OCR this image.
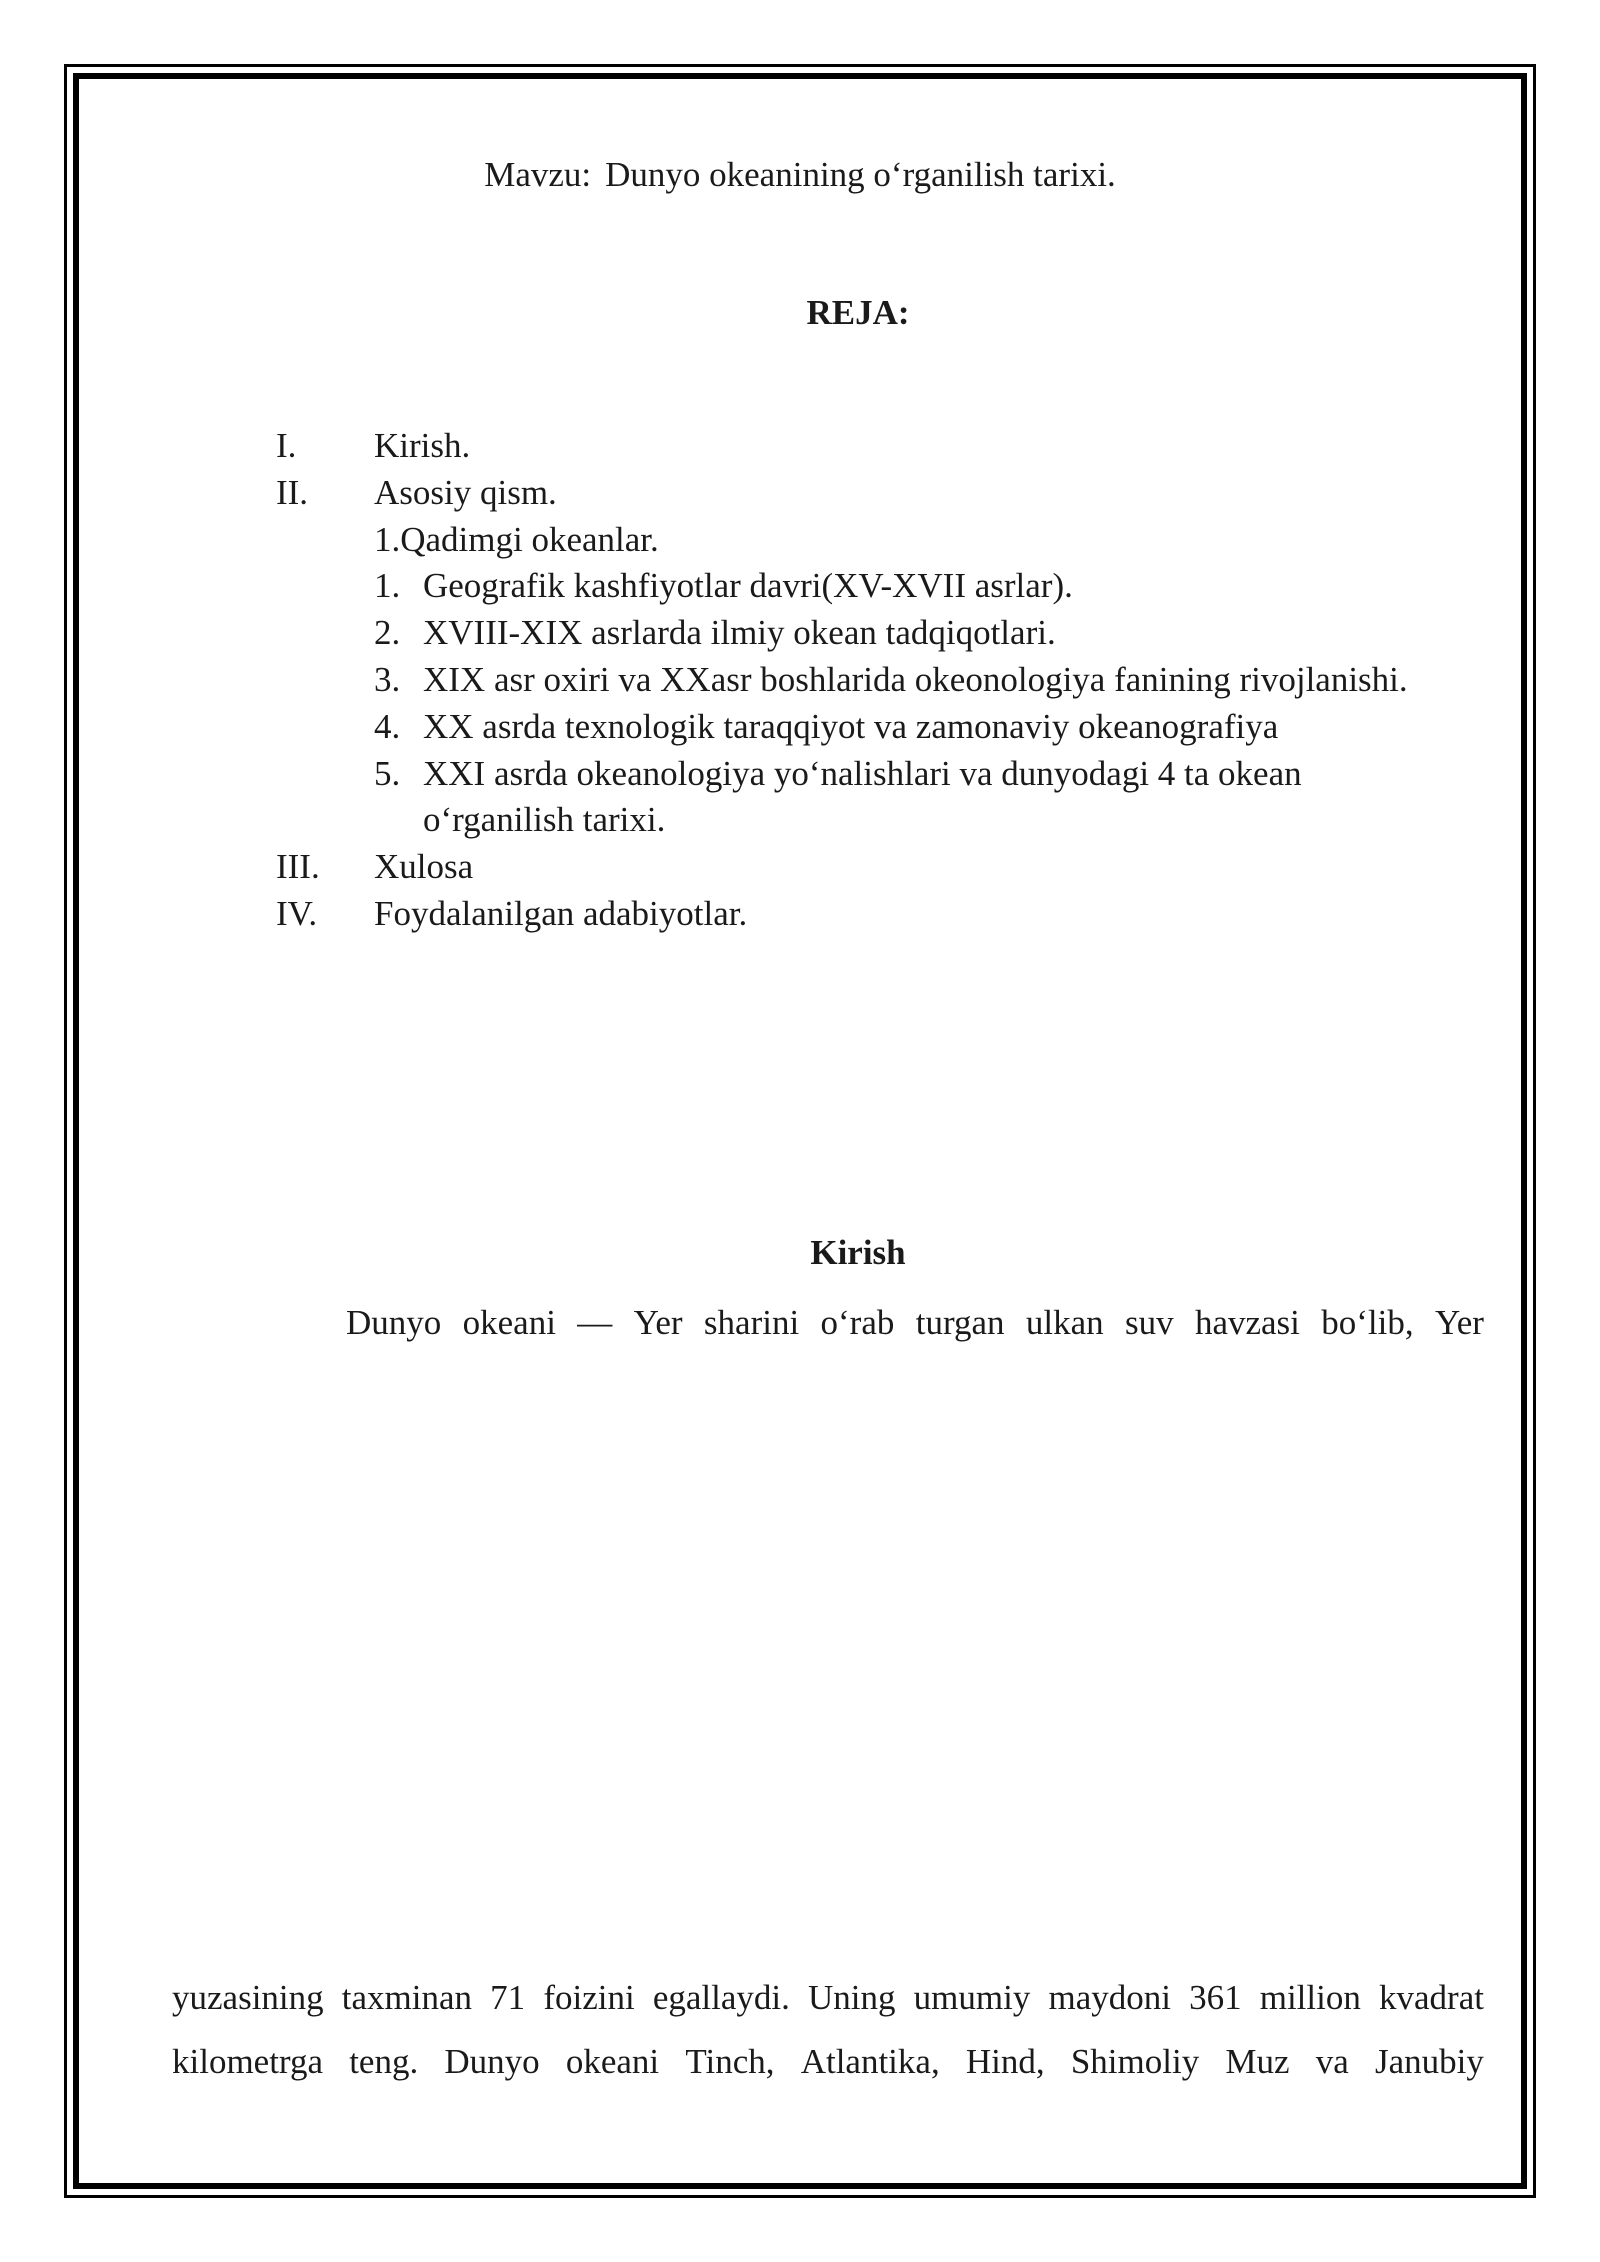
Mavzu: Dunyo okeanining o‘rganilish tarixi.
REJA:
I. Kirish.
II. Asosiy qism.
1.Qadimgi okeanlar.
1. Geografik kashfiyotlar davri(XV-XVII asrlar).
2. XVIII-XIX asrlarda ilmiy okean tadqiqotlari.
3. XIX asr oxiri va XXasr boshlarida okeonologiya fanining rivojlanishi.
4. XX asrda texnologik taraqqiyot va zamonaviy okeanografiya
5. XXI asrda okeanologiya yo‘nalishlari va dunyodagi 4 ta okean
o‘rganilish tarixi.
III. Xulosa
IV. Foydalanilgan adabiyotlar.
Kirish
Dunyo okeani — Yer sharini o‘rab turgan ulkan suv havzasi bo‘lib, Yer
yuzasining taxminan 71 foizini egallaydi. Uning umumiy maydoni 361 million kvadrat
kilometrga teng. Dunyo okeani Tinch, Atlantika, Hind, Shimoliy Muz va Janubiy
